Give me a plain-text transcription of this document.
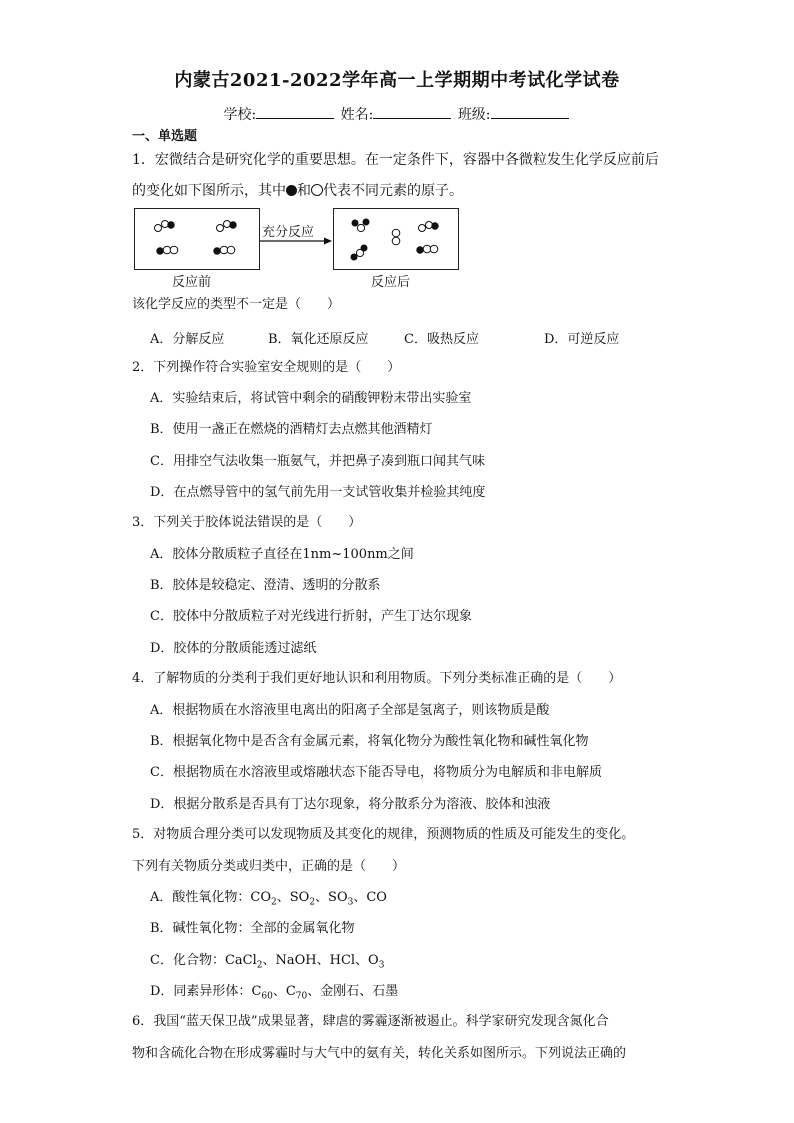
内蒙古2021-2022学年高一上学期期中考试化学试卷
学校:	姓名:	班级:
一、单选题
1．宏微结合是研究化学的重要思想。在一定条件下，容器中各微粒发生化学反应前后
的变化如下图所示，其中 和 代表不同元素的原子。
充分反应
反应前	反应后
该化学反应的类型不一定是（　　）
A．分解反应	B．氧化还原反应	C．吸热反应	D．可逆反应
2．下列操作符合实验室安全规则的是（　　）
A．实验结束后，将试管中剩余的硝酸钾粉末带出实验室
B．使用一盏正在燃烧的酒精灯去点燃其他酒精灯
C．用排空气法收集一瓶氨气，并把鼻子凑到瓶口闻其气味
D．在点燃导管中的氢气前先用一支试管收集并检验其纯度
3．下列关于胶体说法错误的是（　　）
A．胶体分散质粒子直径在1nm~100nm之间
B．胶体是较稳定、澄清、透明的分散系
C．胶体中分散质粒子对光线进行折射，产生丁达尔现象
D．胶体的分散质能透过滤纸
4．了解物质的分类利于我们更好地认识和利用物质。下列分类标准正确的是（　　）
A．根据物质在水溶液里电离出的阳离子全部是氢离子，则该物质是酸
B．根据氧化物中是否含有金属元素，将氧化物分为酸性氧化物和碱性氧化物
C．根据物质在水溶液里或熔融状态下能否导电，将物质分为电解质和非电解质
D．根据分散系是否具有丁达尔现象，将分散系分为溶液、胶体和浊液
5．对物质合理分类可以发现物质及其变化的规律，预测物质的性质及可能发生的变化。
下列有关物质分类或归类中，正确的是（　　）
A．酸性氧化物：$CO_2$、$SO_2$、$SO_3$、CO
B．碱性氧化物：全部的金属氧化物
C．化合物：CaCl$_2$、NaOH、HCl、$O_3$
D．同素异形体：$C_{60}$、$C_{70}$、金刚石、石墨
6．我国“蓝天保卫战”成果显著，肆虐的雾霾逐渐被遏止。科学家研究发现含氮化合
物和含硫化合物在形成雾霾时与大气中的氨有关，转化关系如图所示。下列说法正确的
